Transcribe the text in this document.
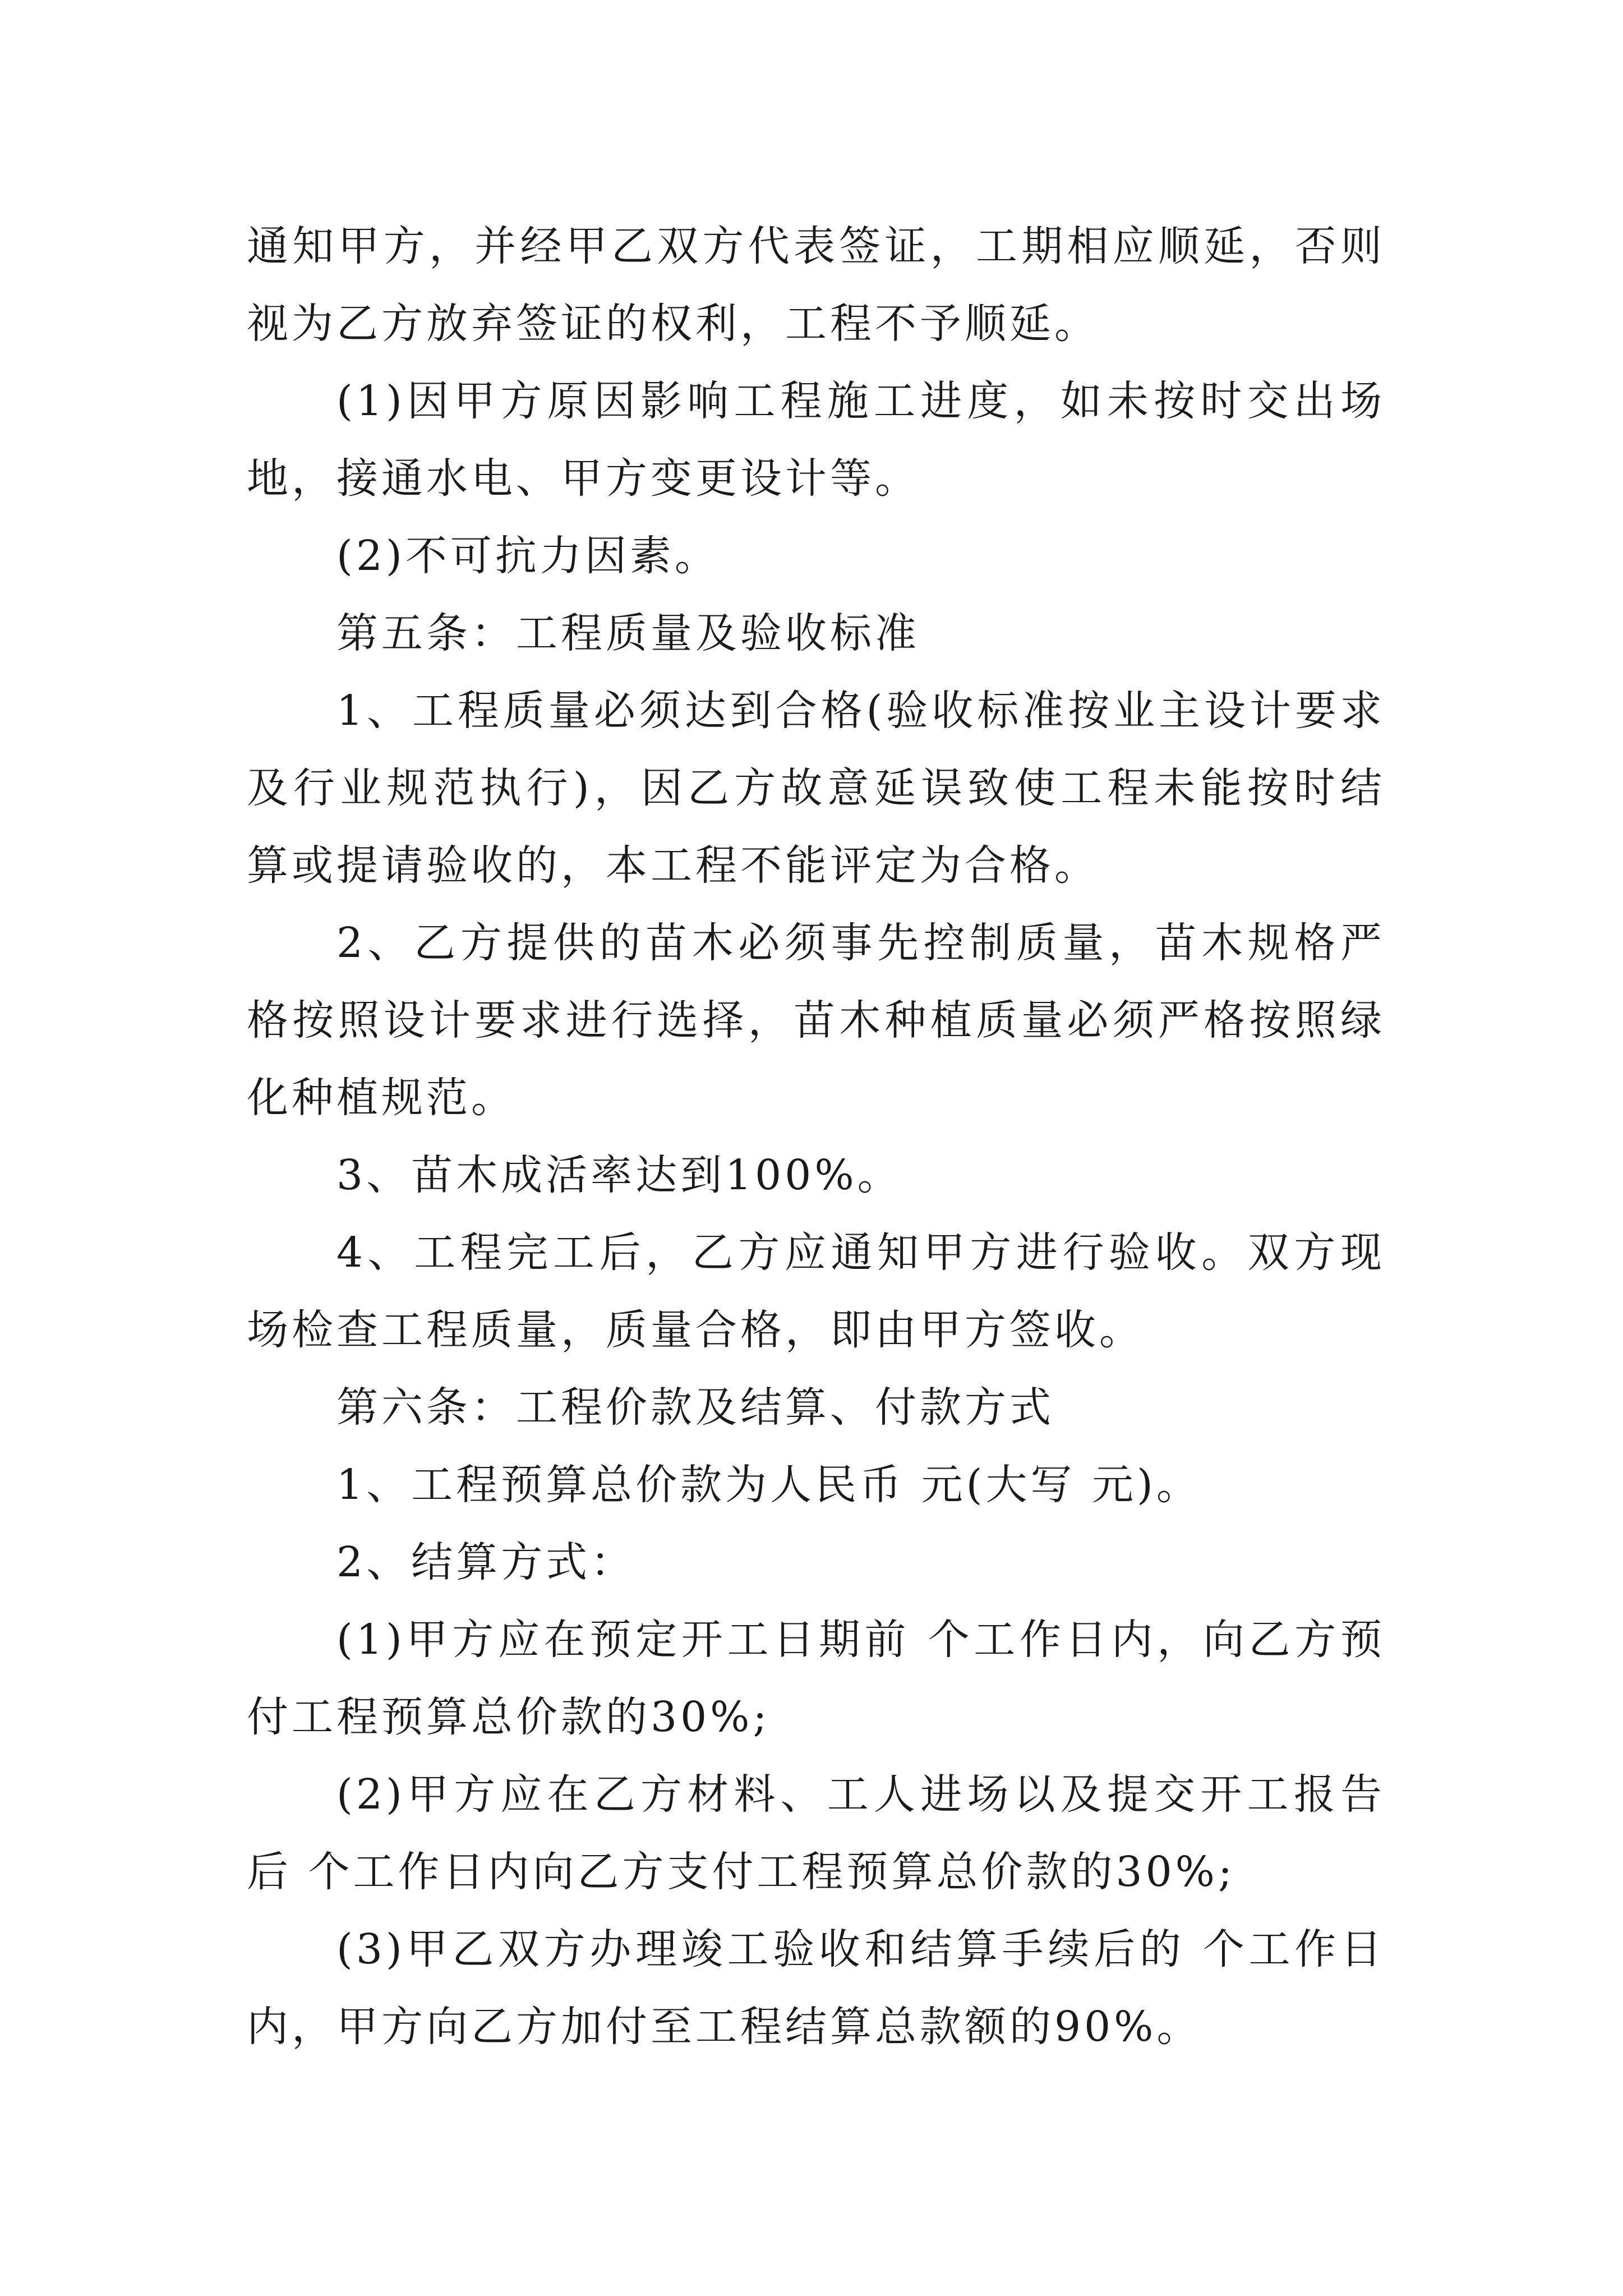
通知甲方，并经甲乙双方代表签证，工期相应顺延，否则视为乙方放弃签证的权利，工程不予顺延。

(1)因甲方原因影响工程施工进度，如未按时交出场地，接通水电、甲方变更设计等。

(2)不可抗力因素。

第五条：工程质量及验收标准

1、工程质量必须达到合格(验收标准按业主设计要求及行业规范执行)，因乙方故意延误致使工程未能按时结算或提请验收的，本工程不能评定为合格。

2、乙方提供的苗木必须事先控制质量，苗木规格严格按照设计要求进行选择，苗木种植质量必须严格按照绿化种植规范。

3、苗木成活率达到100%。

4、工程完工后，乙方应通知甲方进行验收。双方现场检查工程质量，质量合格，即由甲方签收。

第六条：工程价款及结算、付款方式

1、工程预算总价款为人民币 元(大写 元)。

2、结算方式：

(1)甲方应在预定开工日期前 个工作日内，向乙方预付工程预算总价款的30%;

(2)甲方应在乙方材料、工人进场以及提交开工报告后 个工作日内向乙方支付工程预算总价款的30%;

(3)甲乙双方办理竣工验收和结算手续后的 个工作日内，甲方向乙方加付至工程结算总款额的90%。
